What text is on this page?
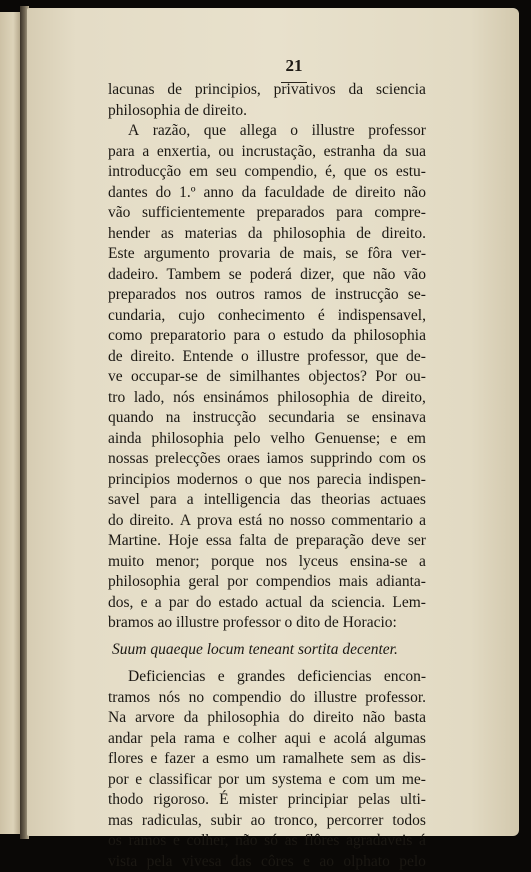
21
lacunas de principios, privativos da sciencia
philosophia de direito.
A razão, que allega o illustre professor
para a enxertia, ou incrustação, estranha da sua
introducção em seu compendio, é, que os estu-
dantes do 1.º anno da faculdade de direito não
vão sufficientemente preparados para compre-
hender as materias da philosophia de direito.
Este argumento provaria de mais, se fôra ver-
dadeiro. Tambem se poderá dizer, que não vão
preparados nos outros ramos de instrucção se-
cundaria, cujo conhecimento é indispensavel,
como preparatorio para o estudo da philosophia
de direito. Entende o illustre professor, que de-
ve occupar-se de similhantes objectos? Por ou-
tro lado, nós ensinámos philosophia de direito,
quando na instrucção secundaria se ensinava
ainda philosophia pelo velho Genuense; e em
nossas prelecções oraes iamos supprindo com os
principios modernos o que nos parecia indispen-
savel para a intelligencia das theorias actuaes
do direito. A prova está no nosso commentario a
Martine. Hoje essa falta de preparação deve ser
muito menor; porque nos lyceus ensina-se a
philosophia geral por compendios mais adianta-
dos, e a par do estado actual da sciencia. Lem-
bramos ao illustre professor o dito de Horacio:
Suum quaeque locum teneant sortita decenter.
Deficiencias e grandes deficiencias encon-
tramos nós no compendio do illustre professor.
Na arvore da philosophia do direito não basta
andar pela rama e colher aqui e acolá algumas
flores e fazer a esmo um ramalhete sem as dis-
por e classificar por um systema e com um me-
thodo rigoroso. É mister principiar pelas ulti-
mas radiculas, subir ao tronco, percorrer todos
os ramos e colher, não só as flôres agradaveis á
vista pela vivesa das côres e ao olphato pelo
